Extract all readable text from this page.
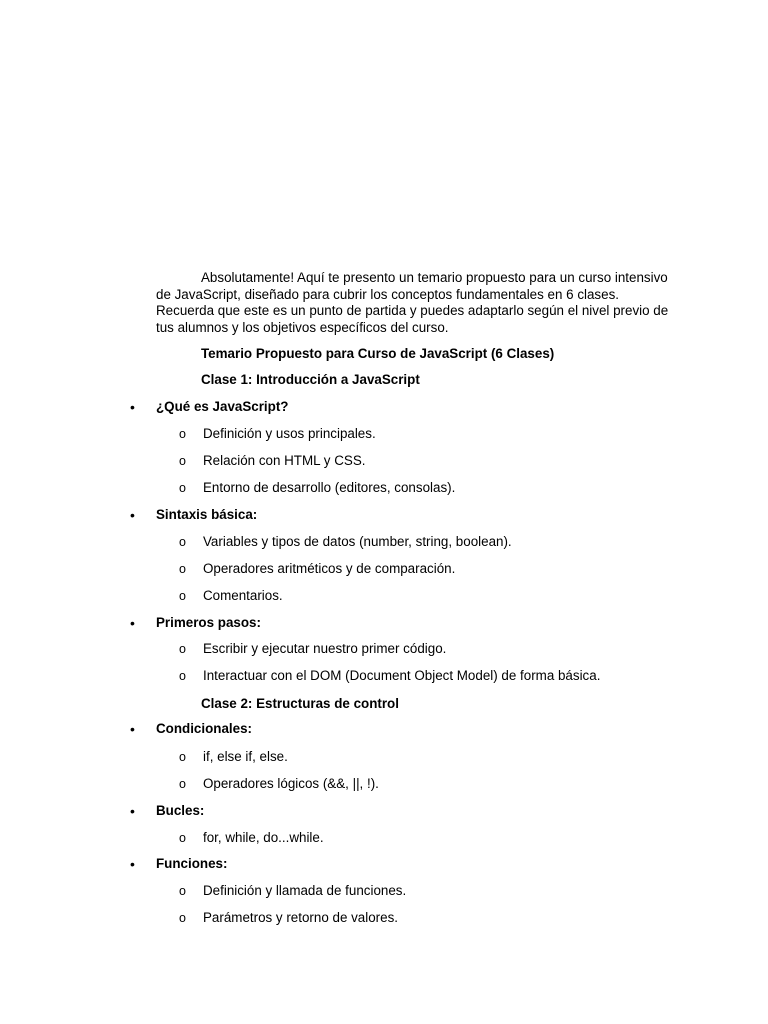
Absolutamente! Aquí te presento un temario propuesto para un curso intensivo de JavaScript, diseñado para cubrir los conceptos fundamentales en 6 clases. Recuerda que este es un punto de partida y puedes adaptarlo según el nivel previo de tus alumnos y los objetivos específicos del curso.

Temario Propuesto para Curso de JavaScript (6 Clases)
Clase 1: Introducción a JavaScript
• ¿Qué es JavaScript?
o Definición y usos principales.
o Relación con HTML y CSS.
o Entorno de desarrollo (editores, consolas).
• Sintaxis básica:
o Variables y tipos de datos (number, string, boolean).
o Operadores aritméticos y de comparación.
o Comentarios.
• Primeros pasos:
o Escribir y ejecutar nuestro primer código.
o Interactuar con el DOM (Document Object Model) de forma básica.
Clase 2: Estructuras de control
• Condicionales:
o if, else if, else.
o Operadores lógicos (&&, ||, !).
• Bucles:
o for, while, do...while.
• Funciones:
o Definición y llamada de funciones.
o Parámetros y retorno de valores.
